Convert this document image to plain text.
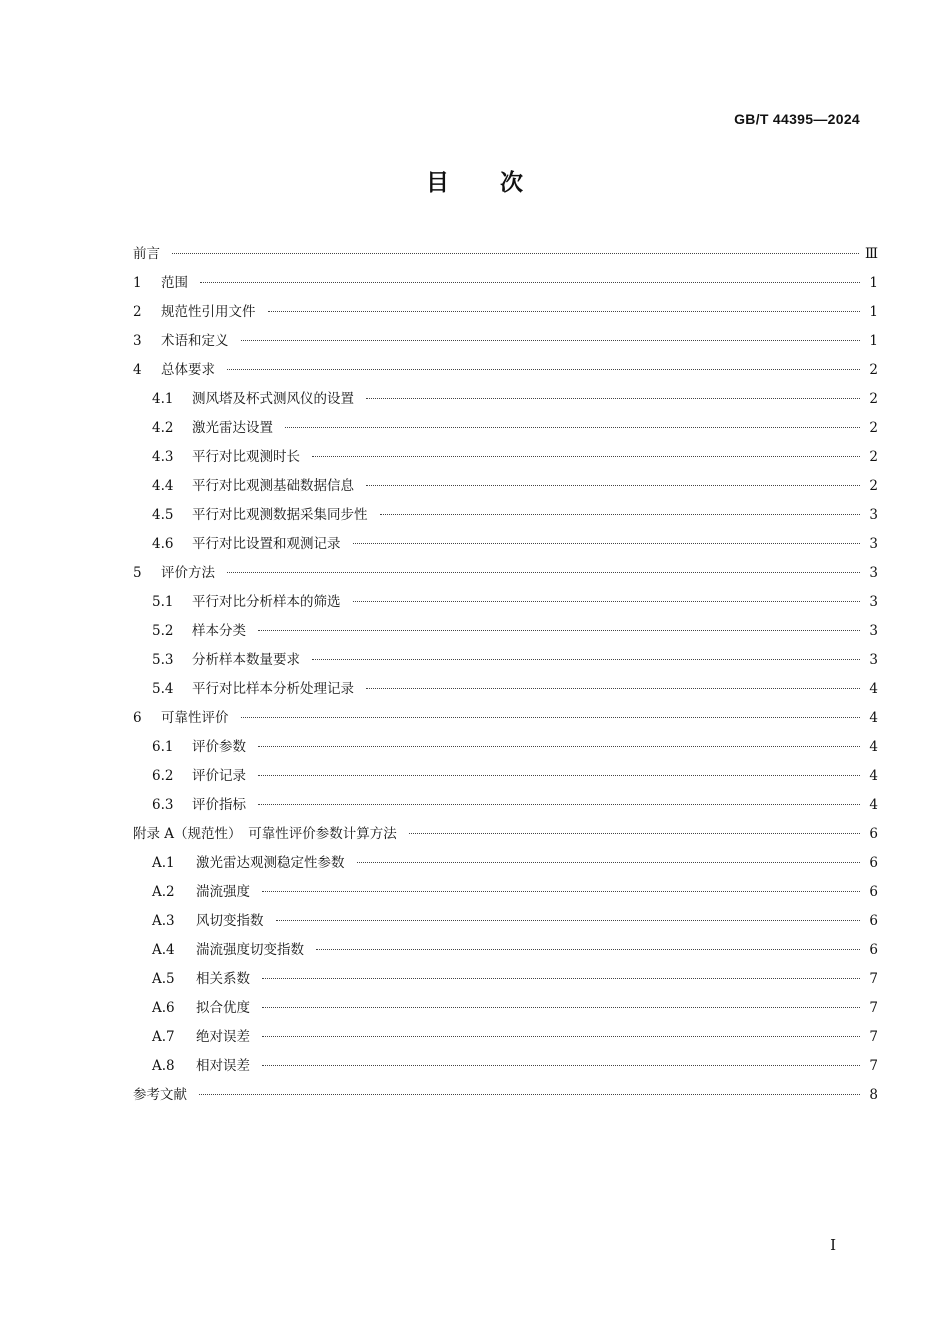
GB/T 44395—2024
目 次
前言	Ⅲ
1	范围	1
2	规范性引用文件	1
3	术语和定义	1
4	总体要求	2
4.1	测风塔及杯式测风仪的设置	2
4.2	激光雷达设置	2
4.3	平行对比观测时长	2
4.4	平行对比观测基础数据信息	2
4.5	平行对比观测数据采集同步性	3
4.6	平行对比设置和观测记录	3
5	评价方法	3
5.1	平行对比分析样本的筛选	3
5.2	样本分类	3
5.3	分析样本数量要求	3
5.4	平行对比样本分析处理记录	4
6	可靠性评价	4
6.1	评价参数	4
6.2	评价记录	4
6.3	评价指标	4
附录 A（规范性）　可靠性评价参数计算方法	6
A.1	激光雷达观测稳定性参数	6
A.2	湍流强度	6
A.3	风切变指数	6
A.4	湍流强度切变指数	6
A.5	相关系数	7
A.6	拟合优度	7
A.7	绝对误差	7
A.8	相对误差	7
参考文献	8
Ⅰ
